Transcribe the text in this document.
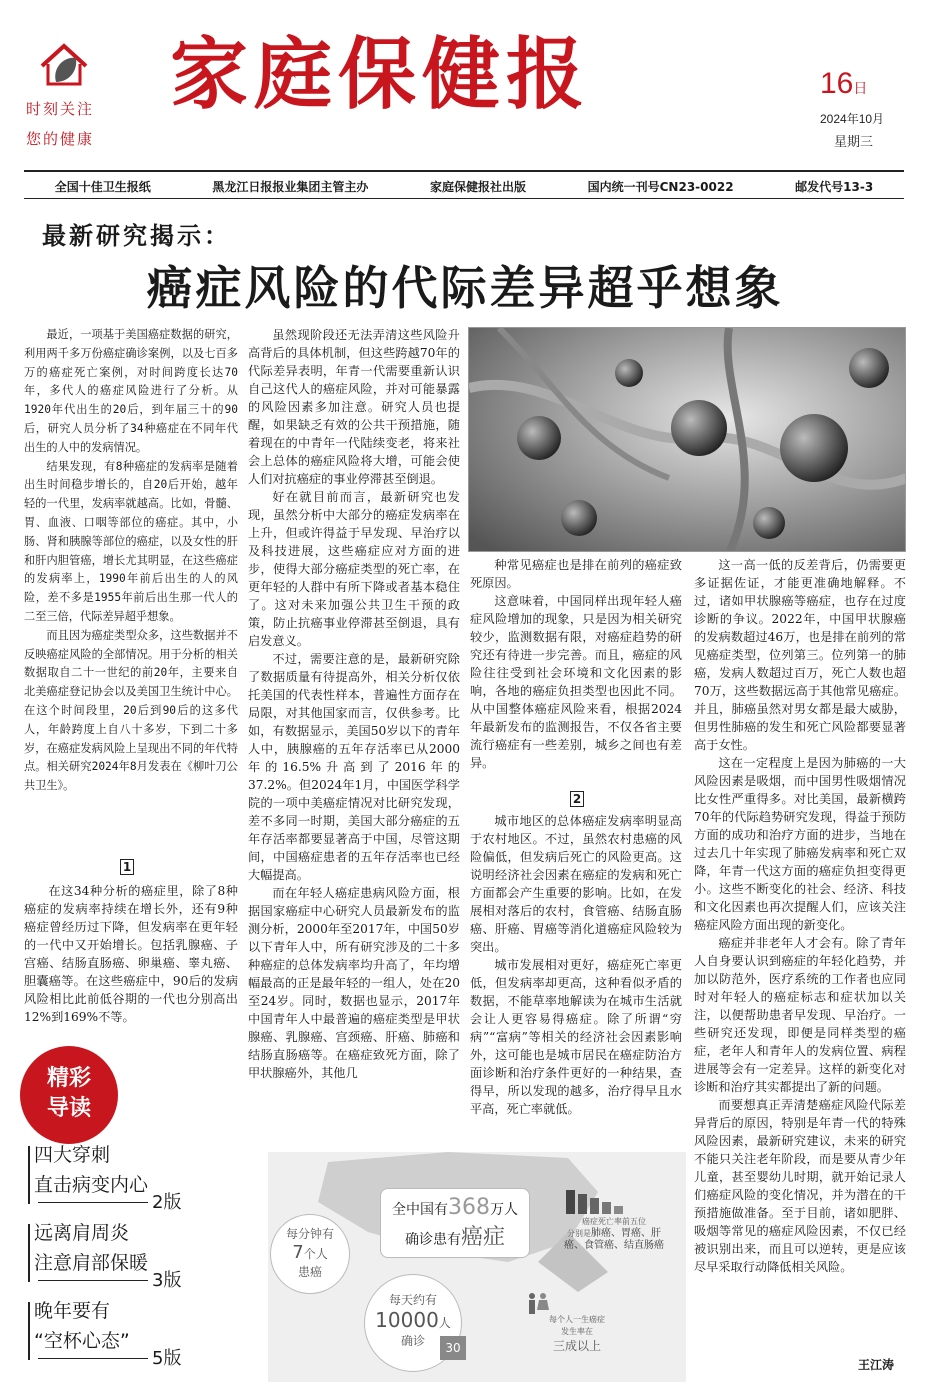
时刻关注
您的健康
家庭保健报	16日
2024年10月
星期三
全国十佳卫生报纸	黑龙江日报报业集团主管主办	家庭保健报社出版	国内统一刊号CN23-0022	邮发代号13-3
最新研究揭示：
癌症风险的代际差异超乎想象

最近，一项基于美国癌症数据的研究，利用两千多万份癌症确诊案例，以及七百多万的癌症死亡案例，对时间跨度长达70年，多代人的癌症风险进行了分析。从1920年代出生的20后，到年届三十的90后，研究人员分析了34种癌症在不同年代出生的人中的发病情况。

结果发现，有8种癌症的发病率是随着出生时间稳步增长的，自20后开始，越年轻的一代里，发病率就越高。比如，骨髓、胃、血液、口咽等部位的癌症。其中，小肠、肾和胰腺等部位的癌症，以及女性的肝和肝内胆管癌，增长尤其明显，在这些癌症的发病率上，1990年前后出生的人的风险，差不多是1955年前后出生那一代人的二至三倍，代际差异超乎想象。

而且因为癌症类型众多，这些数据并不反映癌症风险的全部情况。用于分析的相关数据取自二十一世纪的前20年，主要来自北美癌症登记协会以及美国卫生统计中心。在这个时间段里，20后到90后的这多代人，年龄跨度上自八十多岁，下到二十多岁，在癌症发病风险上呈现出不同的年代特点。相关研究2024年8月发表在《柳叶刀公共卫生》。

1

在这34种分析的癌症里，除了8种癌症的发病率持续在增长外，还有9种癌症曾经历过下降，但发病率在更年轻的一代中又开始增长。包括乳腺癌、子宫癌、结肠直肠癌、卵巢癌、睾丸癌、胆囊癌等。在这些癌症中，90后的发病风险相比此前低谷期的一代也分别高出12%到169%不等。

虽然现阶段还无法弄清这些风险升高背后的具体机制，但这些跨越70年的代际差异表明，年青一代需要重新认识自己这代人的癌症风险，并对可能暴露的风险因素多加注意。研究人员也提醒，如果缺乏有效的公共干预措施，随着现在的中青年一代陆续变老，将来社会上总体的癌症风险将大增，可能会使人们对抗癌症的事业停滞甚至倒退。

好在就目前而言，最新研究也发现，虽然分析中大部分的癌症发病率在上升，但或许得益于早发现、早治疗以及科技进展，这些癌症应对方面的进步，使得大部分癌症类型的死亡率，在更年轻的人群中有所下降或者基本稳住了。这对未来加强公共卫生干预的政策，防止抗癌事业停滞甚至倒退，具有启发意义。

不过，需要注意的是，最新研究除了数据质量有待提高外，相关分析仅依托美国的代表性样本，普遍性方面存在局限，对其他国家而言，仅供参考。比如，有数据显示，美国50岁以下的青年人中，胰腺癌的五年存活率已从2000年的16.5%升高到了2016年的37.2%。但2024年1月，中国医学科学院的一项中美癌症情况对比研究发现，差不多同一时期，美国大部分癌症的五年存活率都要显著高于中国，尽管这期间，中国癌症患者的五年存活率也已经大幅提高。

而在年轻人癌症患病风险方面，根据国家癌症中心研究人员最新发布的监测分析，2000年至2017年，中国50岁以下青年人中，所有研究涉及的二十多种癌症的总体发病率均升高了，年均增幅最高的正是最年轻的一组人，处在20至24岁。同时，数据也显示，2017年中国青年人中最普遍的癌症类型是甲状腺癌、乳腺癌、宫颈癌、肝癌、肺癌和结肠直肠癌等。在癌症致死方面，除了甲状腺癌外，其他几

种常见癌症也是排在前列的癌症致死原因。

这意味着，中国同样出现年轻人癌症风险增加的现象，只是因为相关研究较少，监测数据有限，对癌症趋势的研究还有待进一步完善。而且，癌症的风险往往受到社会环境和文化因素的影响，各地的癌症负担类型也因此不同。从中国整体癌症风险来看，根据2024年最新发布的监测报告，不仅各省主要流行癌症有一些差别，城乡之间也有差异。

2

城市地区的总体癌症发病率明显高于农村地区。不过，虽然农村患癌的风险偏低，但发病后死亡的风险更高。这说明经济社会因素在癌症的发病和死亡方面都会产生重要的影响。比如，在发展相对落后的农村，食管癌、结肠直肠癌、肝癌、胃癌等消化道癌症风险较为突出。

城市发展相对更好，癌症死亡率更低，但发病率却更高，这种看似矛盾的数据，不能草率地解读为在城市生活就会让人更容易得癌症。除了所谓“穷病”“富病”等相关的经济社会因素影响外，这可能也是城市居民在癌症防治方面诊断和治疗条件更好的一种结果，查得早，所以发现的越多，治疗得早且水平高，死亡率就低。

这一高一低的反差背后，仍需要更多证据佐证，才能更准确地解释。不过，诸如甲状腺癌等癌症，也存在过度诊断的争议。2022年，中国甲状腺癌的发病数超过46万，也是排在前列的常见癌症类型，位列第三。位列第一的肺癌，发病人数超过百万，死亡人数也超70万，这些数据远高于其他常见癌症。并且，肺癌虽然对男女都是最大威胁，但男性肺癌的发生和死亡风险都要显著高于女性。

这在一定程度上是因为肺癌的一大风险因素是吸烟，而中国男性吸烟情况比女性严重得多。对比美国，最新横跨70年的代际趋势研究发现，得益于预防方面的成功和治疗方面的进步，当地在过去几十年实现了肺癌发病率和死亡双降，年青一代这方面的癌症负担变得更小。这些不断变化的社会、经济、科技和文化因素也再次提醒人们，应该关注癌症风险方面出现的新变化。

癌症并非老年人才会有。除了青年人自身要认识到癌症的年轻化趋势，并加以防范外，医疗系统的工作者也应同时对年轻人的癌症标志和症状加以关注，以便帮助患者早发现、早治疗。一些研究还发现，即便是同样类型的癌症，老年人和青年人的发病位置、病程进展等会有一定差异。这样的新变化对诊断和治疗其实都提出了新的问题。

而要想真正弄清楚癌症风险代际差异背后的原因，特别是年青一代的特殊风险因素，最新研究建议，未来的研究不能只关注老年阶段，而是要从青少年儿童，甚至婴幼儿时期，就开始记录人们癌症风险的变化情况，并为潜在的干预措施做准备。至于目前，诸如肥胖、吸烟等常见的癌症风险因素，不仅已经被识别出来，而且可以逆转，更是应该尽早采取行动降低相关风险。

王江涛
全中国有368万人
确诊患有癌症
每分钟有
7个人
患癌
每天约有
10000人
确诊	30
癌症死亡率前五位
分别是肺癌、胃癌、肝癌、食管癌、结直肠癌
每个人一生癌症
发生率在
三成以上
精彩
导读
四大穿刺
直击病变内心
2版
远离肩周炎
注意肩部保暖
3版
晚年要有
“空杯心态”
5版
